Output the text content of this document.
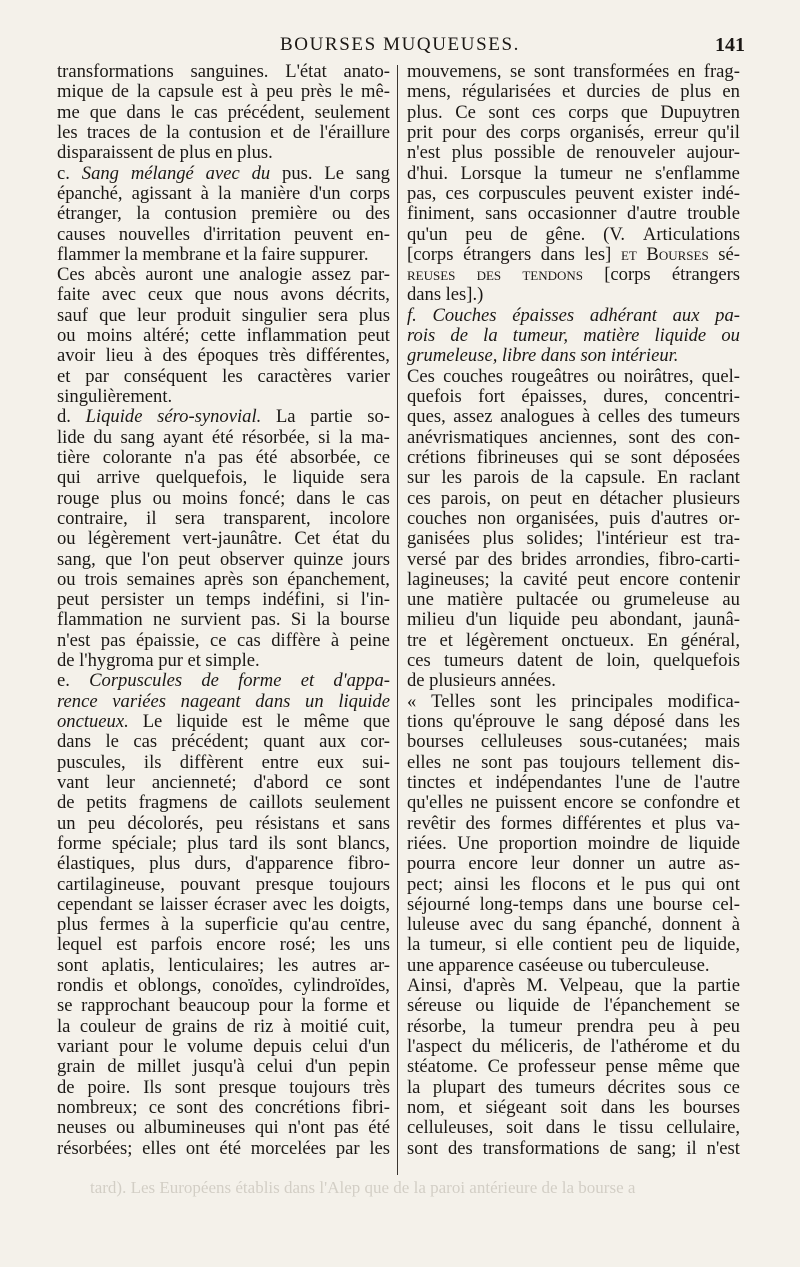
BOURSES MUQUEUSES.	141
transformations sanguines. L'état anato-
mique de la capsule est à peu près le mê-
me que dans le cas précédent, seulement
les traces de la contusion et de l'éraillure
disparaissent de plus en plus.
c. Sang mélangé avec du pus. Le sang
épanché, agissant à la manière d'un corps
étranger, la contusion première ou des
causes nouvelles d'irritation peuvent en-
flammer la membrane et la faire suppurer.
Ces abcès auront une analogie assez par-
faite avec ceux que nous avons décrits,
sauf que leur produit singulier sera plus
ou moins altéré; cette inflammation peut
avoir lieu à des époques très différentes,
et par conséquent les caractères varier
singulièrement.
d. Liquide séro-synovial. La partie so-
lide du sang ayant été résorbée, si la ma-
tière colorante n'a pas été absorbée, ce
qui arrive quelquefois, le liquide sera
rouge plus ou moins foncé; dans le cas
contraire, il sera transparent, incolore
ou légèrement vert-jaunâtre. Cet état du
sang, que l'on peut observer quinze jours
ou trois semaines après son épanchement,
peut persister un temps indéfini, si l'in-
flammation ne survient pas. Si la bourse
n'est pas épaissie, ce cas diffère à peine
de l'hygroma pur et simple.
e. Corpuscules de forme et d'appa-
rence variées nageant dans un liquide
onctueux. Le liquide est le même que
dans le cas précédent; quant aux cor-
puscules, ils diffèrent entre eux sui-
vant leur ancienneté; d'abord ce sont
de petits fragmens de caillots seulement
un peu décolorés, peu résistans et sans
forme spéciale; plus tard ils sont blancs,
élastiques, plus durs, d'apparence fibro-
cartilagineuse, pouvant presque toujours
cependant se laisser écraser avec les doigts,
plus fermes à la superficie qu'au centre,
lequel est parfois encore rosé; les uns
sont aplatis, lenticulaires; les autres ar-
rondis et oblongs, conoïdes, cylindroïdes,
se rapprochant beaucoup pour la forme et
la couleur de grains de riz à moitié cuit,
variant pour le volume depuis celui d'un
grain de millet jusqu'à celui d'un pepin
de poire. Ils sont presque toujours très
nombreux; ce sont des concrétions fibri-
neuses ou albumineuses qui n'ont pas été
résorbées; elles ont été morcelées par les
mouvemens, se sont transformées en frag-
mens, régularisées et durcies de plus en
plus. Ce sont ces corps que Dupuytren
prit pour des corps organisés, erreur qu'il
n'est plus possible de renouveler aujour-
d'hui. Lorsque la tumeur ne s'enflamme
pas, ces corpuscules peuvent exister indé-
finiment, sans occasionner d'autre trouble
qu'un peu de gêne. (V. Articulations
[corps étrangers dans les] et Bourses sé-
reuses des tendons [corps étrangers
dans les].)
f. Couches épaisses adhérant aux pa-
rois de la tumeur, matière liquide ou
grumeleuse, libre dans son intérieur.
Ces couches rougeâtres ou noirâtres, quel-
quefois fort épaisses, dures, concentri-
ques, assez analogues à celles des tumeurs
anévrismatiques anciennes, sont des con-
crétions fibrineuses qui se sont déposées
sur les parois de la capsule. En raclant
ces parois, on peut en détacher plusieurs
couches non organisées, puis d'autres or-
ganisées plus solides; l'intérieur est tra-
versé par des brides arrondies, fibro-carti-
lagineuses; la cavité peut encore contenir
une matière pultacée ou grumeleuse au
milieu d'un liquide peu abondant, jaunâ-
tre et légèrement onctueux. En général,
ces tumeurs datent de loin, quelquefois
de plusieurs années.
« Telles sont les principales modifica-
tions qu'éprouve le sang déposé dans les
bourses celluleuses sous-cutanées; mais
elles ne sont pas toujours tellement dis-
tinctes et indépendantes l'une de l'autre
qu'elles ne puissent encore se confondre et
revêtir des formes différentes et plus va-
riées. Une proportion moindre de liquide
pourra encore leur donner un autre as-
pect; ainsi les flocons et le pus qui ont
séjourné long-temps dans une bourse cel-
luleuse avec du sang épanché, donnent à
la tumeur, si elle contient peu de liquide,
une apparence caséeuse ou tuberculeuse.
Ainsi, d'après M. Velpeau, que la partie
séreuse ou liquide de l'épanchement se
résorbe, la tumeur prendra peu à peu
l'aspect du méliceris, de l'athérome et du
stéatome. Ce professeur pense même que
la plupart des tumeurs décrites sous ce
nom, et siégeant soit dans les bourses
celluleuses, soit dans le tissu cellulaire,
sont des transformations de sang; il n'est
tard). Les Européens établis dans l'Alep que de la paroi antérieure de la bourse a
